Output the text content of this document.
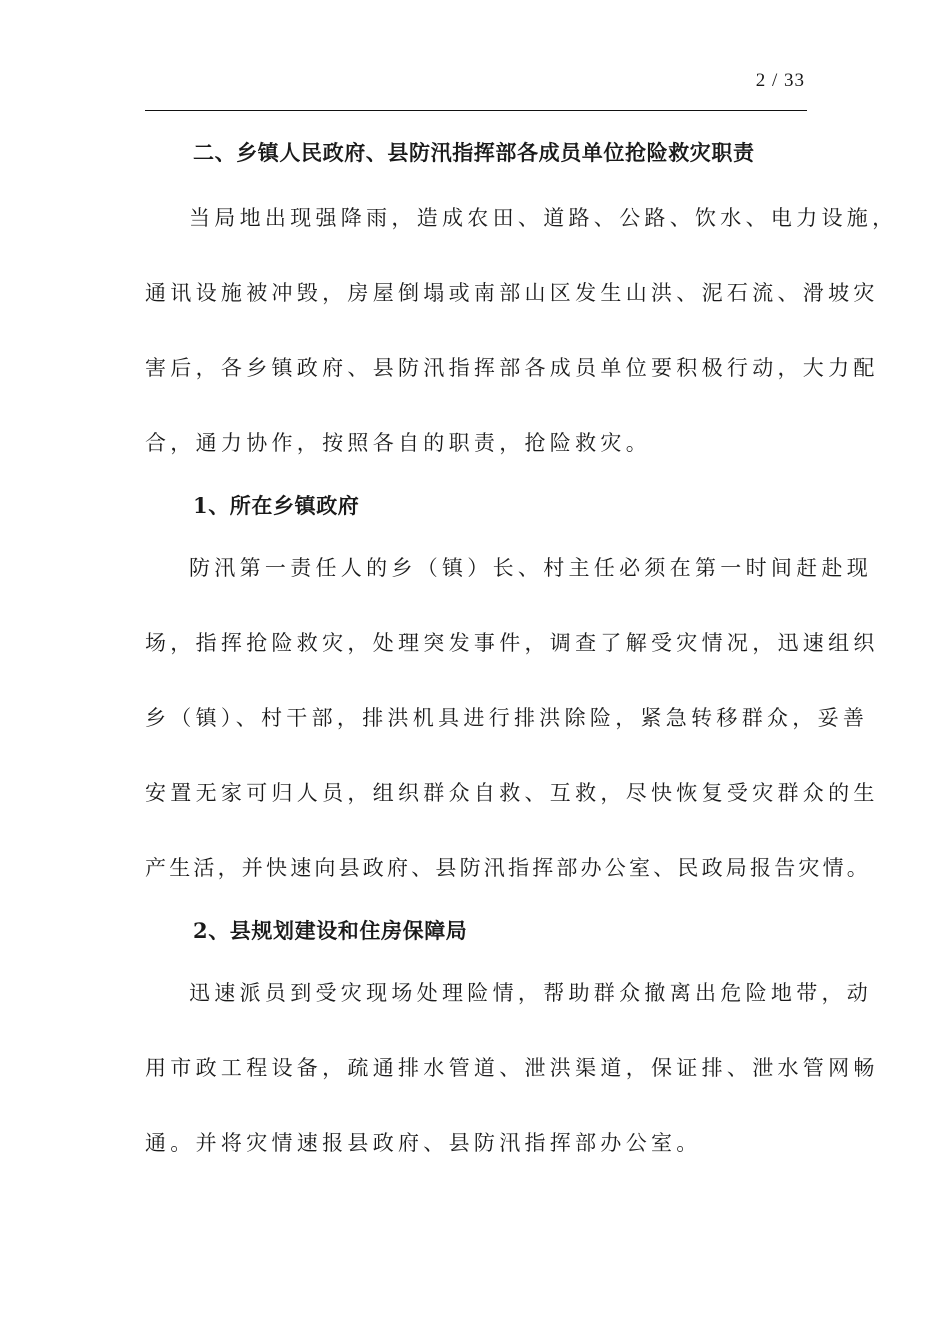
2 / 33

二、乡镇人民政府、县防汛指挥部各成员单位抢险救灾职责

当局地出现强降雨，造成农田、道路、公路、饮水、电力设施，
通讯设施被冲毁，房屋倒塌或南部山区发生山洪、泥石流、滑坡灾
害后，各乡镇政府、县防汛指挥部各成员单位要积极行动，大力配
合，通力协作，按照各自的职责，抢险救灾。

1、所在乡镇政府

防汛第一责任人的乡（镇）长、村主任必须在第一时间赶赴现
场，指挥抢险救灾，处理突发事件，调查了解受灾情况，迅速组织
乡（镇）、村干部，排洪机具进行排洪除险，紧急转移群众，妥善
安置无家可归人员，组织群众自救、互救，尽快恢复受灾群众的生
产生活，并快速向县政府、县防汛指挥部办公室、民政局报告灾情。

2、县规划建设和住房保障局

迅速派员到受灾现场处理险情，帮助群众撤离出危险地带，动
用市政工程设备，疏通排水管道、泄洪渠道，保证排、泄水管网畅
通。并将灾情速报县政府、县防汛指挥部办公室。
